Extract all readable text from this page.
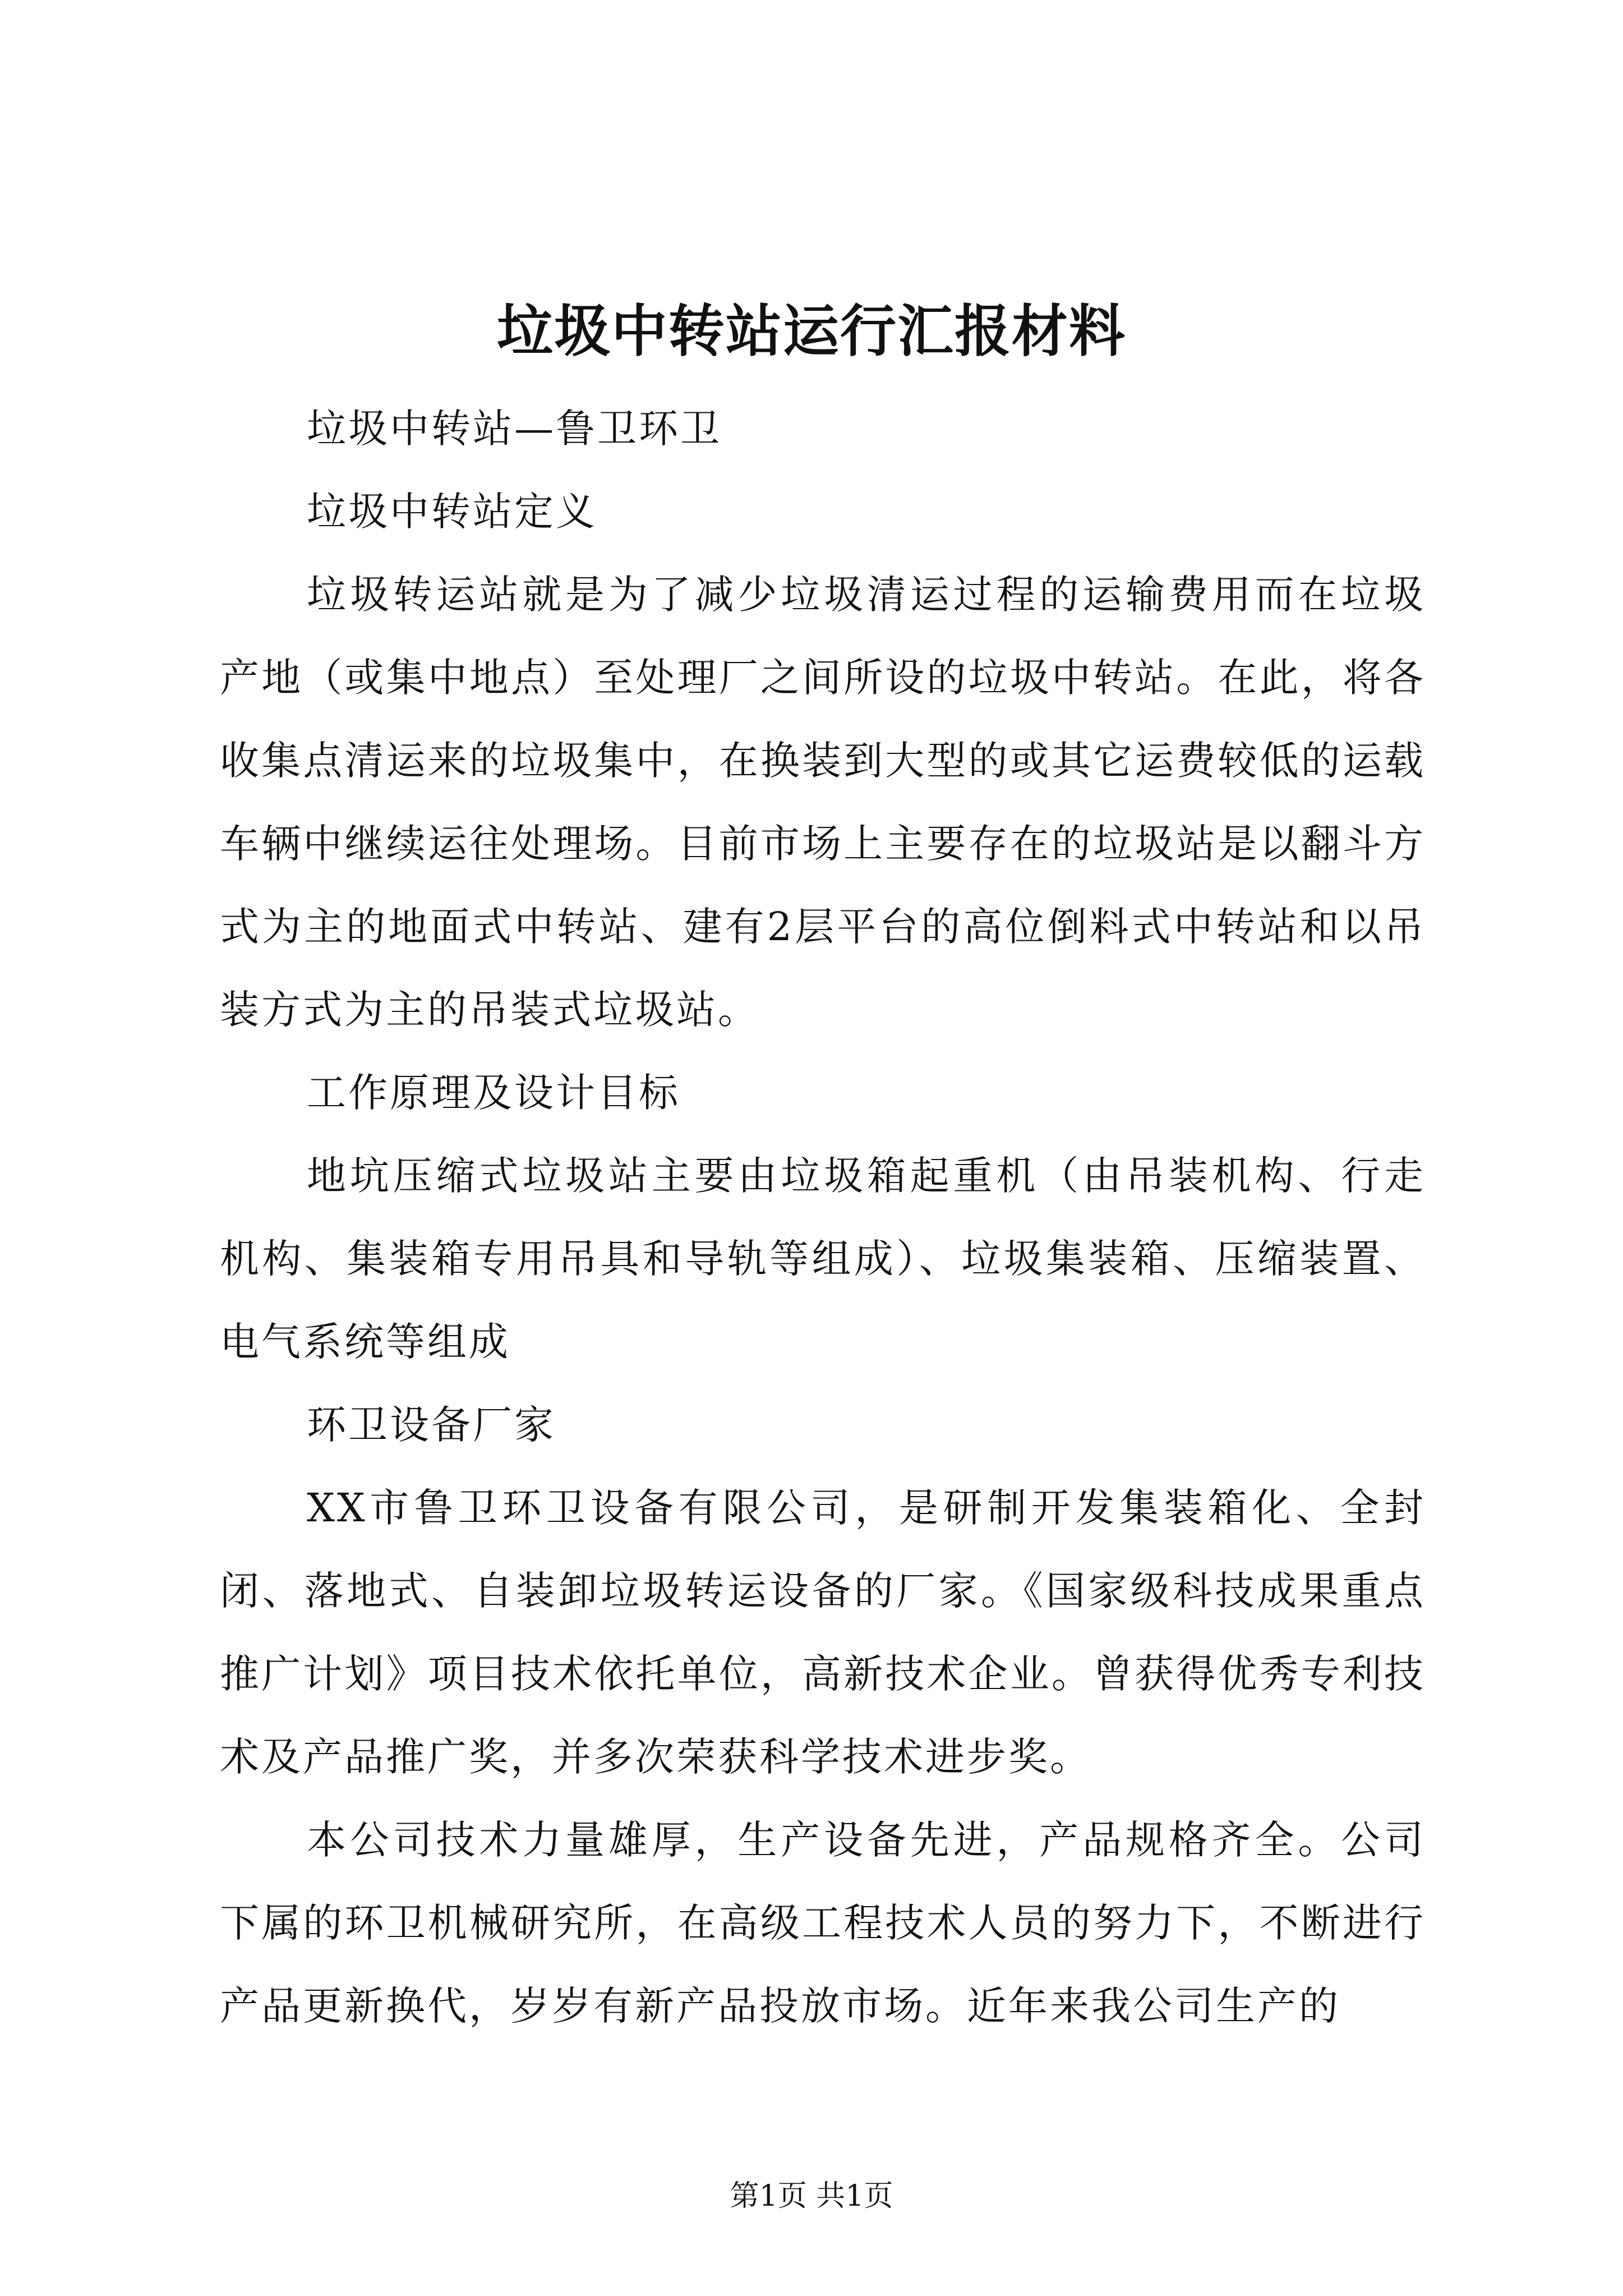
垃圾中转站运行汇报材料

垃圾中转站—鲁卫环卫

垃圾中转站定义

垃圾转运站就是为了减少垃圾清运过程的运输费用而在垃圾产地（或集中地点）至处理厂之间所设的垃圾中转站。在此，将各收集点清运来的垃圾集中，在换装到大型的或其它运费较低的运载车辆中继续运往处理场。目前市场上主要存在的垃圾站是以翻斗方式为主的地面式中转站、建有2层平台的高位倒料式中转站和以吊装方式为主的吊装式垃圾站。

工作原理及设计目标

地坑压缩式垃圾站主要由垃圾箱起重机（由吊装机构、行走机构、集装箱专用吊具和导轨等组成）、垃圾集装箱、压缩装置、电气系统等组成

环卫设备厂家

XX市鲁卫环卫设备有限公司，是研制开发集装箱化、全封闭、落地式、自装卸垃圾转运设备的厂家。《国家级科技成果重点推广计划》项目技术依托单位，高新技术企业。曾获得优秀专利技术及产品推广奖，并多次荣获科学技术进步奖。

本公司技术力量雄厚，生产设备先进，产品规格齐全。公司下属的环卫机械研究所，在高级工程技术人员的努力下，不断进行产品更新换代，岁岁有新产品投放市场。近年来我公司生产的

第1页 共1页
